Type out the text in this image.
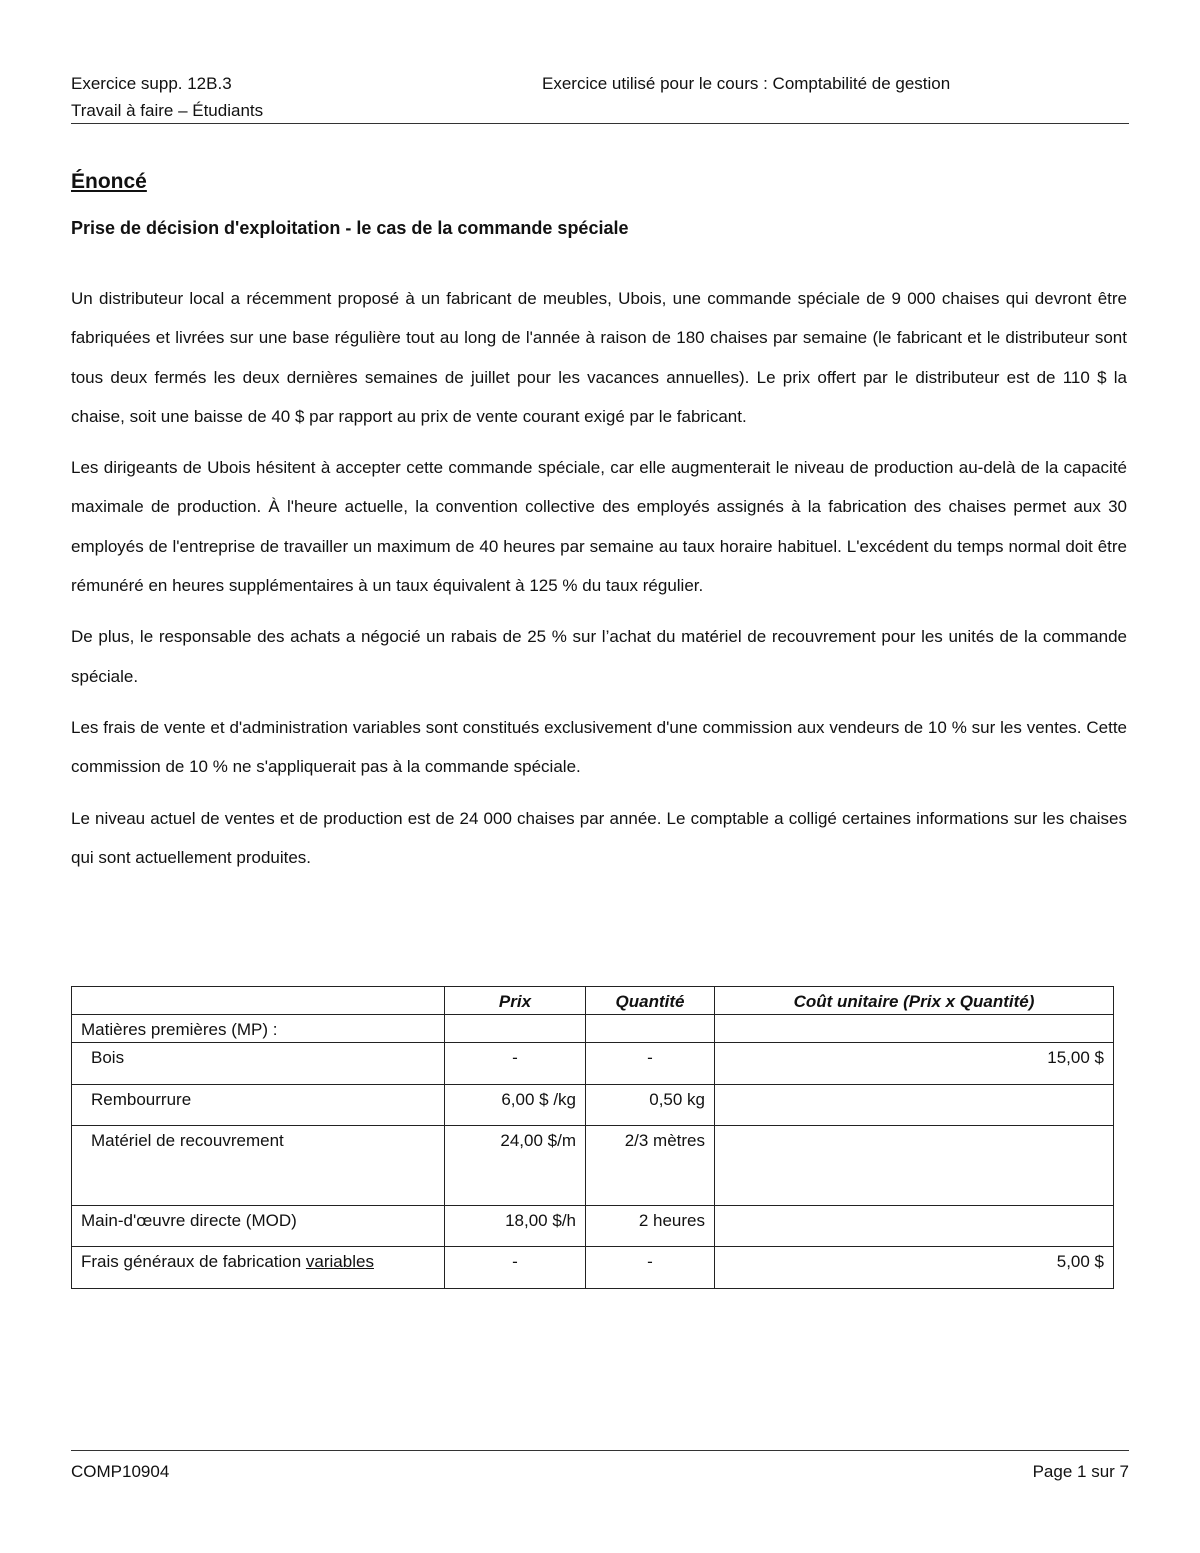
Exercice supp. 12B.3
Travail à faire – Étudiants
Exercice utilisé pour le cours : Comptabilité de gestion
Énoncé
Prise de décision d'exploitation - le cas de la commande spéciale

Un distributeur local a récemment proposé à un fabricant de meubles, Ubois, une commande spéciale de 9 000 chaises qui devront être fabriquées et livrées sur une base régulière tout au long de l'année à raison de 180 chaises par semaine (le fabricant et le distributeur sont tous deux fermés les deux dernières semaines de juillet pour les vacances annuelles). Le prix offert par le distributeur est de 110 $ la chaise, soit une baisse de 40 $ par rapport au prix de vente courant exigé par le fabricant.

Les dirigeants de Ubois hésitent à accepter cette commande spéciale, car elle augmenterait le niveau de production au-delà de la capacité maximale de production. À l'heure actuelle, la convention collective des employés assignés à la fabrication des chaises permet aux 30 employés de l'entreprise de travailler un maximum de 40 heures par semaine au taux horaire habituel. L'excédent du temps normal doit être rémunéré en heures supplémentaires à un taux équivalent à 125 % du taux régulier.

De plus, le responsable des achats a négocié un rabais de 25 % sur l’achat du matériel de recouvrement pour les unités de la commande spéciale.

Les frais de vente et d'administration variables sont constitués exclusivement d'une commission aux vendeurs de 10 % sur les ventes. Cette commission de 10 % ne s'appliquerait pas à la commande spéciale.

Le niveau actuel de ventes et de production est de 24 000 chaises par année. Le comptable a colligé certaines informations sur les chaises qui sont actuellement produites.

	Prix	Quantité	Coût unitaire (Prix x Quantité)
Matières premières (MP) :			
Bois	-	-	15,00 $
Rembourrure	6,00 $ /kg	0,50 kg	
Matériel de recouvrement	24,00 $/m	2/3 mètres	
Main-d'œuvre directe (MOD)	18,00 $/h	2 heures	
Frais généraux de fabrication variables	-	-	5,00 $
COMP10904	Page 1 sur 7
